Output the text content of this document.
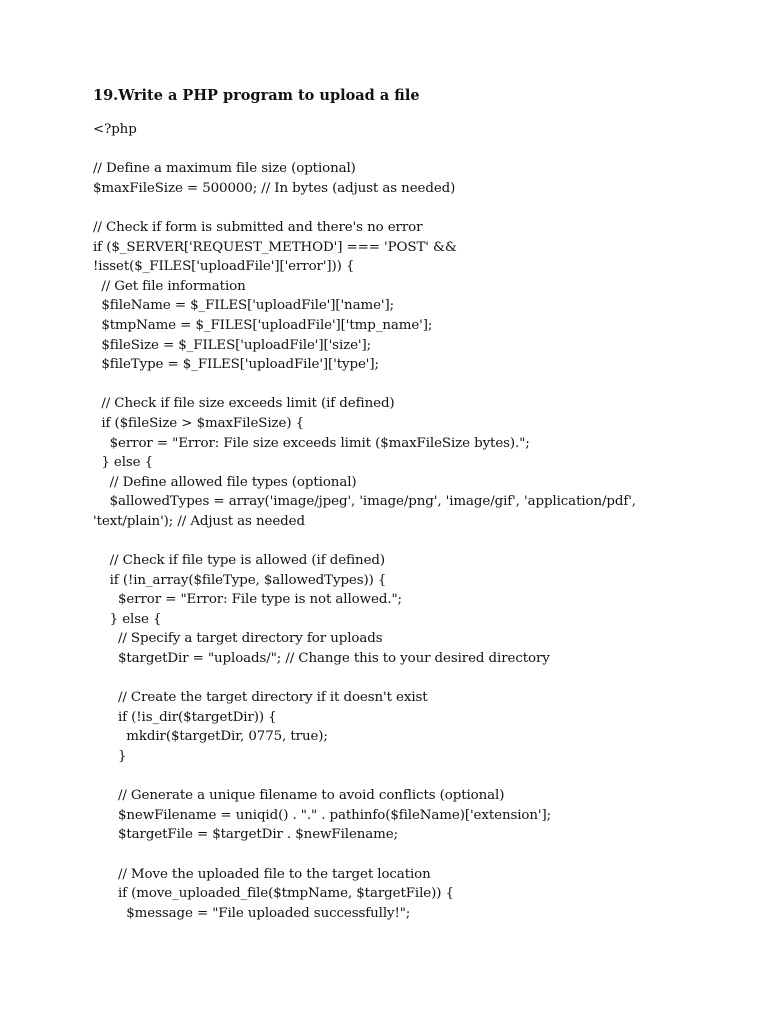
19.Write a PHP program to upload a file
<?php
// Define a maximum file size (optional)
$maxFileSize = 500000; // In bytes (adjust as needed)
// Check if form is submitted and there's no error
if ($_SERVER['REQUEST_METHOD'] === 'POST' &&
!isset($_FILES['uploadFile']['error'])) {
// Get file information
$fileName = $_FILES['uploadFile']['name'];
$tmpName = $_FILES['uploadFile']['tmp_name'];
$fileSize = $_FILES['uploadFile']['size'];
$fileType = $_FILES['uploadFile']['type'];
// Check if file size exceeds limit (if defined)
if ($fileSize > $maxFileSize) {
$error = "Error: File size exceeds limit ($maxFileSize bytes).";
} else {
// Define allowed file types (optional)
$allowedTypes = array('image/jpeg', 'image/png', 'image/gif', 'application/pdf',
'text/plain'); // Adjust as needed
// Check if file type is allowed (if defined)
if (!in_array($fileType, $allowedTypes)) {
$error = "Error: File type is not allowed.";
} else {
// Specify a target directory for uploads
$targetDir = "uploads/"; // Change this to your desired directory
// Create the target directory if it doesn't exist
if (!is_dir($targetDir)) {
mkdir($targetDir, 0775, true);
}
// Generate a unique filename to avoid conflicts (optional)
$newFilename = uniqid() . "." . pathinfo($fileName)['extension'];
$targetFile = $targetDir . $newFilename;
// Move the uploaded file to the target location
if (move_uploaded_file($tmpName, $targetFile)) {
$message = "File uploaded successfully!";
